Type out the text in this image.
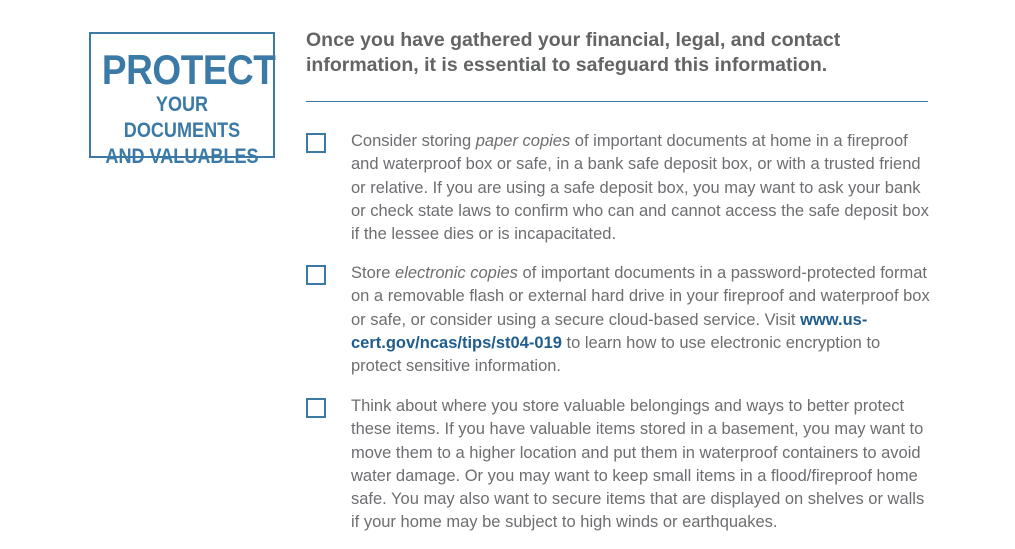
PROTECT
YOUR DOCUMENTS
AND VALUABLES

Once you have gathered your financial, legal, and contact
information, it is essential to safeguard this information.

Consider storing paper copies of important documents at home in a fireproof and waterproof box or safe, in a bank safe deposit box, or with a trusted friend or relative. If you are using a safe deposit box, you may want to ask your bank or check state laws to confirm who can and cannot access the safe deposit box if the lessee dies or is incapacitated.

Store electronic copies of important documents in a password-protected format on a removable flash or external hard drive in your fireproof and waterproof box or safe, or consider using a secure cloud-based service. Visit www.us-cert.gov/ncas/tips/st04-019 to learn how to use electronic encryption to protect sensitive information.

Think about where you store valuable belongings and ways to better protect these items. If you have valuable items stored in a basement, you may want to move them to a higher location and put them in waterproof containers to avoid water damage. Or you may want to keep small items in a flood/fireproof home safe. You may also want to secure items that are displayed on shelves or walls if your home may be subject to high winds or earthquakes.
